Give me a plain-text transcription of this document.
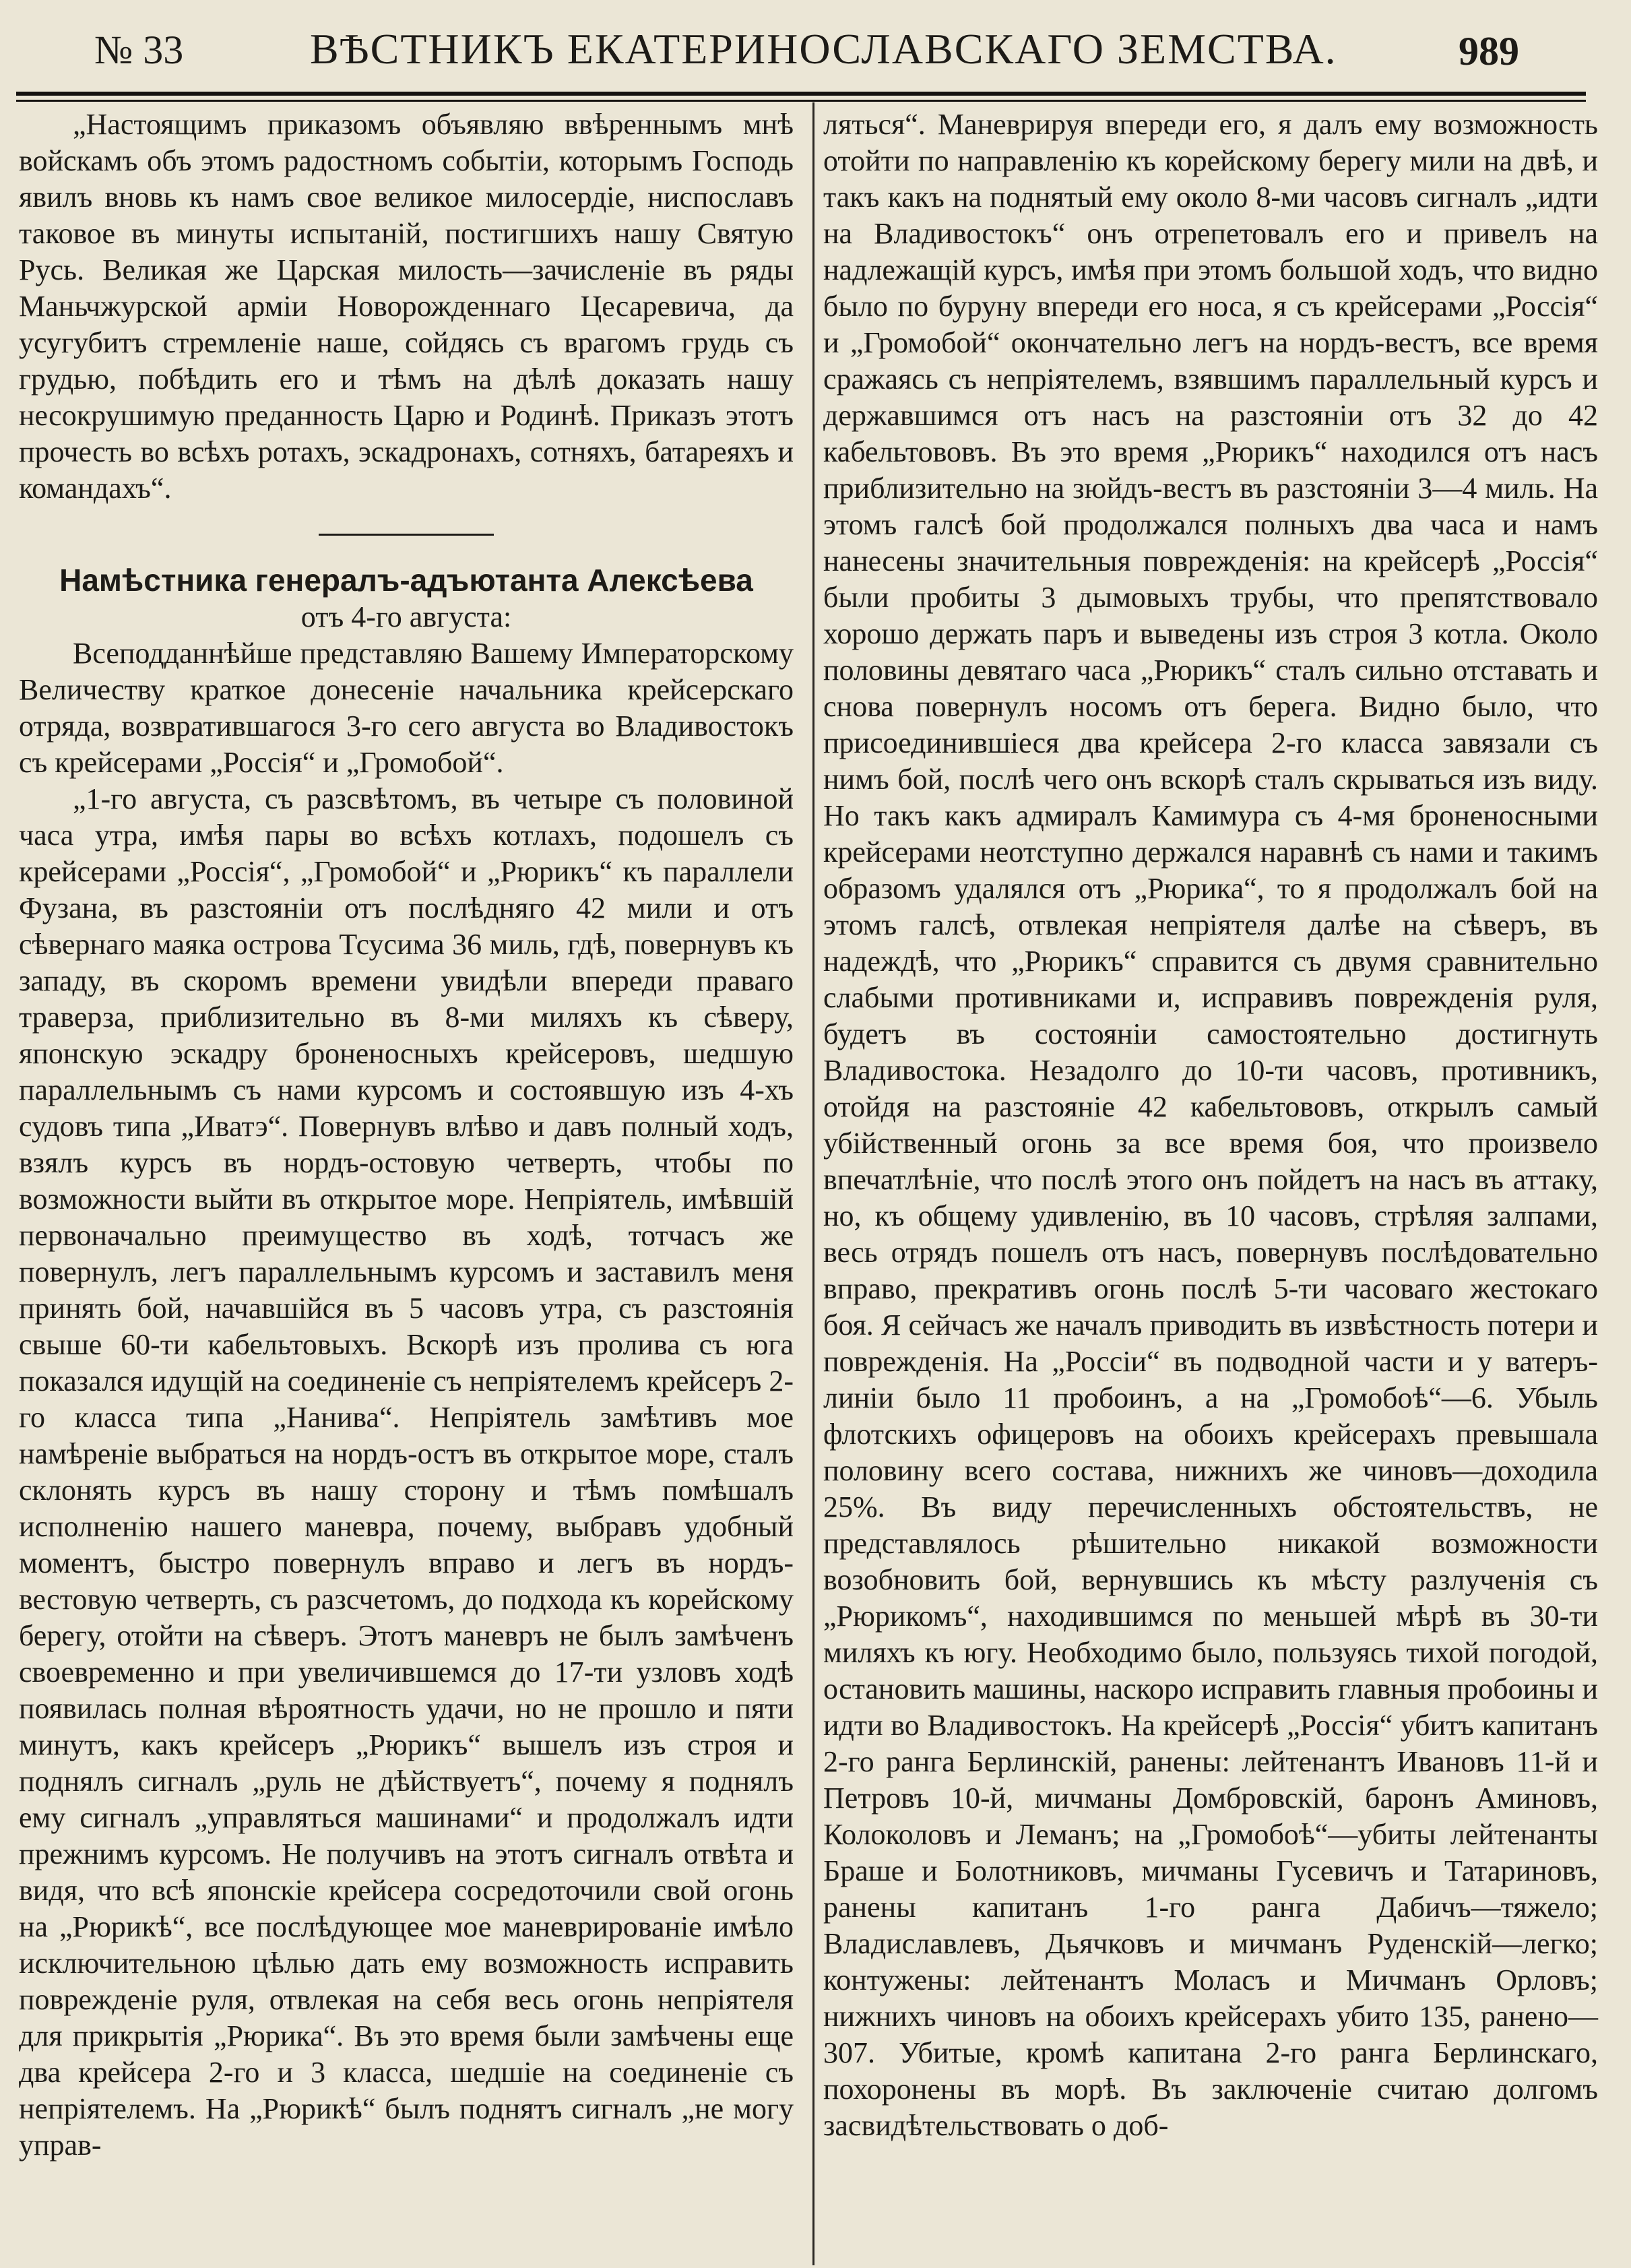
№ 33	ВѢСТНИКЪ ЕКАТЕРИНОСЛАВСКАГО ЗЕМСТВА.	989

„Настоящимъ приказомъ объявляю ввѣреннымъ мнѣ войскамъ объ этомъ радостномъ событіи, которымъ Господь явилъ вновь къ намъ свое великое милосердіе, ниспославъ таковое въ минуты испытаній, постигшихъ нашу Святую Русь. Великая же Царская милость—зачисленіе въ ряды Маньчжурской арміи Новорожденнаго Цесаревича, да усугубитъ стремленіе наше, сойдясь съ врагомъ грудь съ грудью, побѣдить его и тѣмъ на дѣлѣ доказать нашу несокрушимую преданность Царю и Родинѣ. Приказъ этотъ прочесть во всѣхъ ротахъ, эскадронахъ, сотняхъ, батареяхъ и командахъ“.

Намѣстника генералъ-адъютанта Алексѣева

отъ 4-го августа:

Всеподданнѣйше представляю Вашему Императорскому Величеству краткое донесеніе начальника крейсерскаго отряда, возвратившагося 3-го сего августа во Владивостокъ съ крейсерами „Россія“ и „Громобой“.

„1-го августа, съ разсвѣтомъ, въ четыре съ половиной часа утра, имѣя пары во всѣхъ котлахъ, подошелъ съ крейсерами „Россія“, „Громобой“ и „Рюрикъ“ къ параллели Фузана, въ разстояніи отъ послѣдняго 42 мили и отъ сѣвернаго маяка острова Тсусима 36 миль, гдѣ, повернувъ къ западу, въ скоромъ времени увидѣли впереди праваго траверза, приблизительно въ 8-ми миляхъ къ сѣверу, японскую эскадру броненосныхъ крейсеровъ, шедшую параллельнымъ съ нами курсомъ и состоявшую изъ 4-хъ судовъ типа „Иватэ“. Повернувъ влѣво и давъ полный ходъ, взялъ курсъ въ нордъ-остовую четверть, чтобы по возможности выйти въ открытое море. Непріятель, имѣвшій первоначально преимущество въ ходѣ, тотчасъ же повернулъ, легъ параллельнымъ курсомъ и заставилъ меня принять бой, начавшійся въ 5 часовъ утра, съ разстоянія свыше 60-ти кабельтовыхъ. Вскорѣ изъ пролива съ юга показался идущій на соединеніе съ непріятелемъ крейсеръ 2-го класса типа „Нанива“. Непріятель замѣтивъ мое намѣреніе выбраться на нордъ-остъ въ открытое море, сталъ склонять курсъ въ нашу сторону и тѣмъ помѣшалъ исполненію нашего маневра, почему, выбравъ удобный моментъ, быстро повернулъ вправо и легъ въ нордъ-вестовую четверть, съ разсчетомъ, до подхода къ корейскому берегу, отойти на сѣверъ. Этотъ маневръ не былъ замѣченъ своевременно и при увеличившемся до 17-ти узловъ ходѣ появилась полная вѣроятность удачи, но не прошло и пяти минутъ, какъ крейсеръ „Рюрикъ“ вышелъ изъ строя и поднялъ сигналъ „руль не дѣйствуетъ“, почему я поднялъ ему сигналъ „управляться машинами“ и продолжалъ идти прежнимъ курсомъ. Не получивъ на этотъ сигналъ отвѣта и видя, что всѣ японскіе крейсера сосредоточили свой огонь на „Рюрикѣ“, все послѣдующее мое маневрированіе имѣло исключительною цѣлью дать ему возможность исправить поврежденіе руля, отвлекая на себя весь огонь непріятеля для прикрытія „Рюрика“. Въ это время были замѣчены еще два крейсера 2-го и 3 класса, шедшіе на соединеніе съ непріятелемъ. На „Рюрикѣ“ былъ поднятъ сигналъ „не могу управ-

ляться“. Маневрируя впереди его, я далъ ему возможность отойти по направленію къ корейскому берегу мили на двѣ, и такъ какъ на поднятый ему около 8-ми часовъ сигналъ „идти на Владивостокъ“ онъ отрепетовалъ его и привелъ на надлежащій курсъ, имѣя при этомъ большой ходъ, что видно было по буруну впереди его носа, я съ крейсерами „Россія“ и „Громобой“ окончательно легъ на нордъ-вестъ, все время сражаясь съ непріятелемъ, взявшимъ параллельный курсъ и державшимся отъ насъ на разстояніи отъ 32 до 42 кабельтововъ. Въ это время „Рюрикъ“ находился отъ насъ приблизительно на зюйдъ-вестъ въ разстояніи 3—4 миль. На этомъ галсѣ бой продолжался полныхъ два часа и намъ нанесены значительныя поврежденія: на крейсерѣ „Россія“ были пробиты 3 дымовыхъ трубы, что препятствовало хорошо держать паръ и выведены изъ строя 3 котла. Около половины девятаго часа „Рюрикъ“ сталъ сильно отставать и снова повернулъ носомъ отъ берега. Видно было, что присоединившіеся два крейсера 2-го класса завязали съ нимъ бой, послѣ чего онъ вскорѣ сталъ скрываться изъ виду. Но такъ какъ адмиралъ Камимура съ 4-мя броненосными крейсерами неотступно держался наравнѣ съ нами и такимъ образомъ удалялся отъ „Рюрика“, то я продолжалъ бой на этомъ галсѣ, отвлекая непріятеля далѣе на сѣверъ, въ надеждѣ, что „Рюрикъ“ справится съ двумя сравнительно слабыми противниками и, исправивъ поврежденія руля, будетъ въ состояніи самостоятельно достигнуть Владивостока. Незадолго до 10-ти часовъ, противникъ, отойдя на разстояніе 42 кабельтововъ, открылъ самый убійственный огонь за все время боя, что произвело впечатлѣніе, что послѣ этого онъ пойдетъ на насъ въ аттаку, но, къ общему удивленію, въ 10 часовъ, стрѣляя залпами, весь отрядъ пошелъ отъ насъ, повернувъ послѣдовательно вправо, прекративъ огонь послѣ 5-ти часоваго жестокаго боя. Я сейчасъ же началъ приводить въ извѣстность потери и поврежденія. На „Россіи“ въ подводной части и у ватеръ-линіи было 11 пробоинъ, а на „Громобоѣ“—6. Убыль флотскихъ офицеровъ на обоихъ крейсерахъ превышала половину всего состава, нижнихъ же чиновъ—доходила 25%. Въ виду перечисленныхъ обстоятельствъ, не представлялось рѣшительно никакой возможности возобновить бой, вернувшись къ мѣсту разлученія съ „Рюрикомъ“, находившимся по меньшей мѣрѣ въ 30-ти миляхъ къ югу. Необходимо было, пользуясь тихой погодой, остановить машины, наскоро исправить главныя пробоины и идти во Владивостокъ. На крейсерѣ „Россія“ убитъ капитанъ 2-го ранга Берлинскій, ранены: лейтенантъ Ивановъ 11-й и Петровъ 10-й, мичманы Домбровскій, баронъ Аминовъ, Колоколовъ и Леманъ; на „Громобоѣ“—убиты лейтенанты Браше и Болотниковъ, мичманы Гусевичъ и Татариновъ, ранены капитанъ 1-го ранга Дабичъ—тяжело; Владиславлевъ, Дьячковъ и мичманъ Руденскій—легко; контужены: лейтенантъ Моласъ и Мичманъ Орловъ; нижнихъ чиновъ на обоихъ крейсерахъ убито 135, ранено—307. Убитые, кромѣ капитана 2-го ранга Берлинскаго, похоронены въ морѣ. Въ заключеніе считаю долгомъ засвидѣтельствовать о доб-
